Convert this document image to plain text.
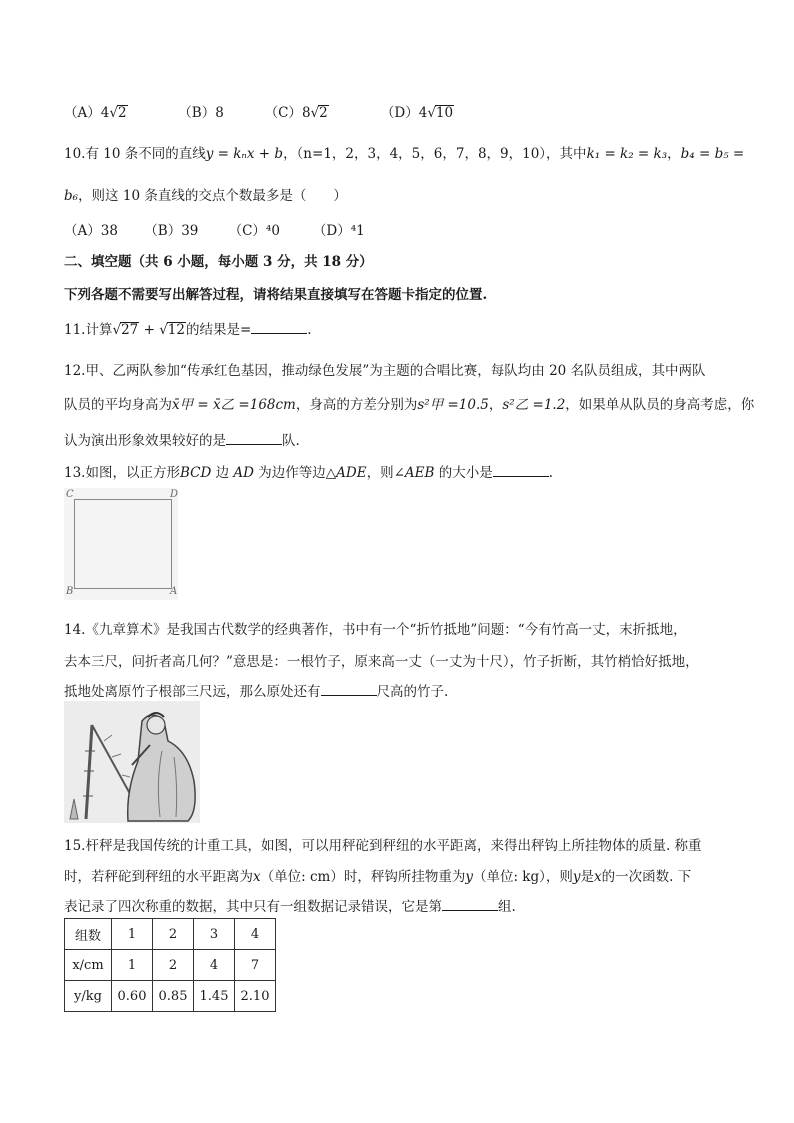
（A）4√2	（B）8	（C）8√2	（D）4√10
10.有 10 条不同的直线y = kₙx + b，（n=1，2，3，4，5，6，7，8，9，10），其中k₁ = k₂ = k₃，b₄ = b₅ =
b₆，则这 10 条直线的交点个数最多是（　　）
（A）38 （B）39 （C）⁴0 （D）⁴1
二、填空题（共 6 小题，每小题 3 分，共 18 分）
下列各题不需要写出解答过程，请将结果直接填写在答题卡指定的位置.
11.计算√27 + √12的结果是=	.
12.甲、乙两队参加“传承红色基因，推动绿色发展”为主题的合唱比赛，每队均由 20 名队员组成，其中两队
队员的平均身高为x̄甲 = x̄乙 =168cm，身高的方差分别为s²甲 =10.5，s²乙 =1.2，如果单从队员的身高考虑，你
认为演出形象效果较好的是	队.
13.如图，以正方形BCD 边 AD 为边作等边△ADE，则∠AEB 的大小是	.
C	D
B	A
14.《九章算术》是我国古代数学的经典著作，书中有一个“折竹抵地”问题：“今有竹高一丈，末折抵地，
去本三尺，问折者高几何？”意思是：一根竹子，原来高一丈（一丈为十尺），竹子折断，其竹梢恰好抵地，
抵地处离原竹子根部三尺远，那么原处还有	尺高的竹子.
15.杆秤是我国传统的计重工具，如图，可以用秤砣到秤纽的水平距离，来得出秤钩上所挂物体的质量. 称重
时，若秤砣到秤纽的水平距离为x（单位: cm）时，秤钩所挂物重为y（单位: kg），则y是x的一次函数. 下
表记录了四次称重的数据，其中只有一组数据记录错误，它是第	组.
组数	1	2	3	4
x/cm	1	2	4	7
y/kg	0.60	0.85	1.45	2.10
